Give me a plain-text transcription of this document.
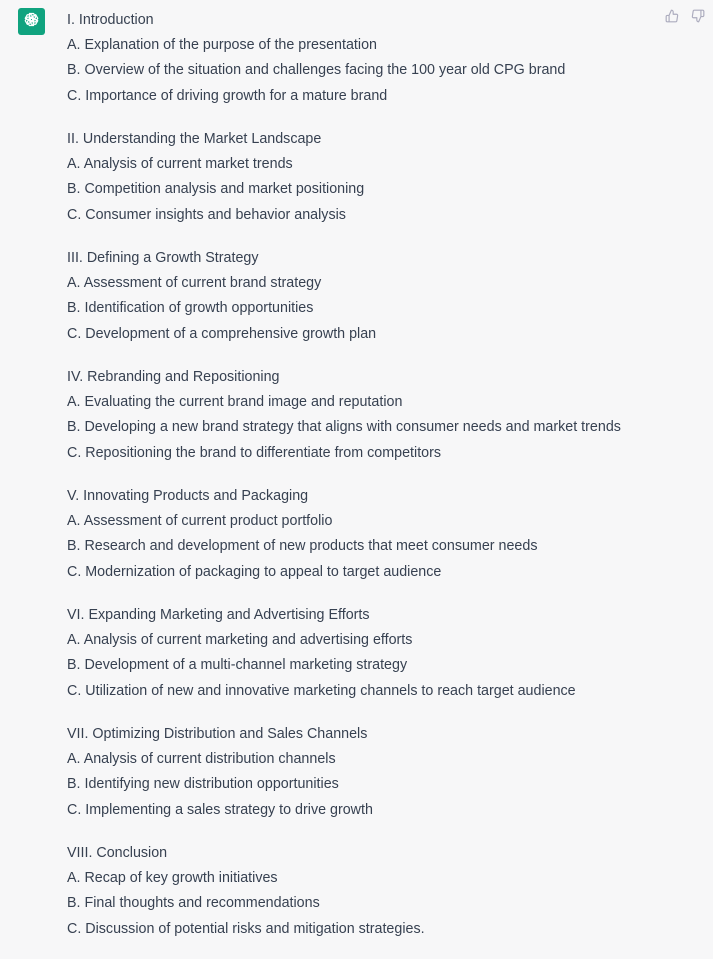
I. Introduction
A. Explanation of the purpose of the presentation
B. Overview of the situation and challenges facing the 100 year old CPG brand
C. Importance of driving growth for a mature brand
II. Understanding the Market Landscape
A. Analysis of current market trends
B. Competition analysis and market positioning
C. Consumer insights and behavior analysis
III. Defining a Growth Strategy
A. Assessment of current brand strategy
B. Identification of growth opportunities
C. Development of a comprehensive growth plan
IV. Rebranding and Repositioning
A. Evaluating the current brand image and reputation
B. Developing a new brand strategy that aligns with consumer needs and market trends
C. Repositioning the brand to differentiate from competitors
V. Innovating Products and Packaging
A. Assessment of current product portfolio
B. Research and development of new products that meet consumer needs
C. Modernization of packaging to appeal to target audience
VI. Expanding Marketing and Advertising Efforts
A. Analysis of current marketing and advertising efforts
B. Development of a multi-channel marketing strategy
C. Utilization of new and innovative marketing channels to reach target audience
VII. Optimizing Distribution and Sales Channels
A. Analysis of current distribution channels
B. Identifying new distribution opportunities
C. Implementing a sales strategy to drive growth
VIII. Conclusion
A. Recap of key growth initiatives
B. Final thoughts and recommendations
C. Discussion of potential risks and mitigation strategies.
